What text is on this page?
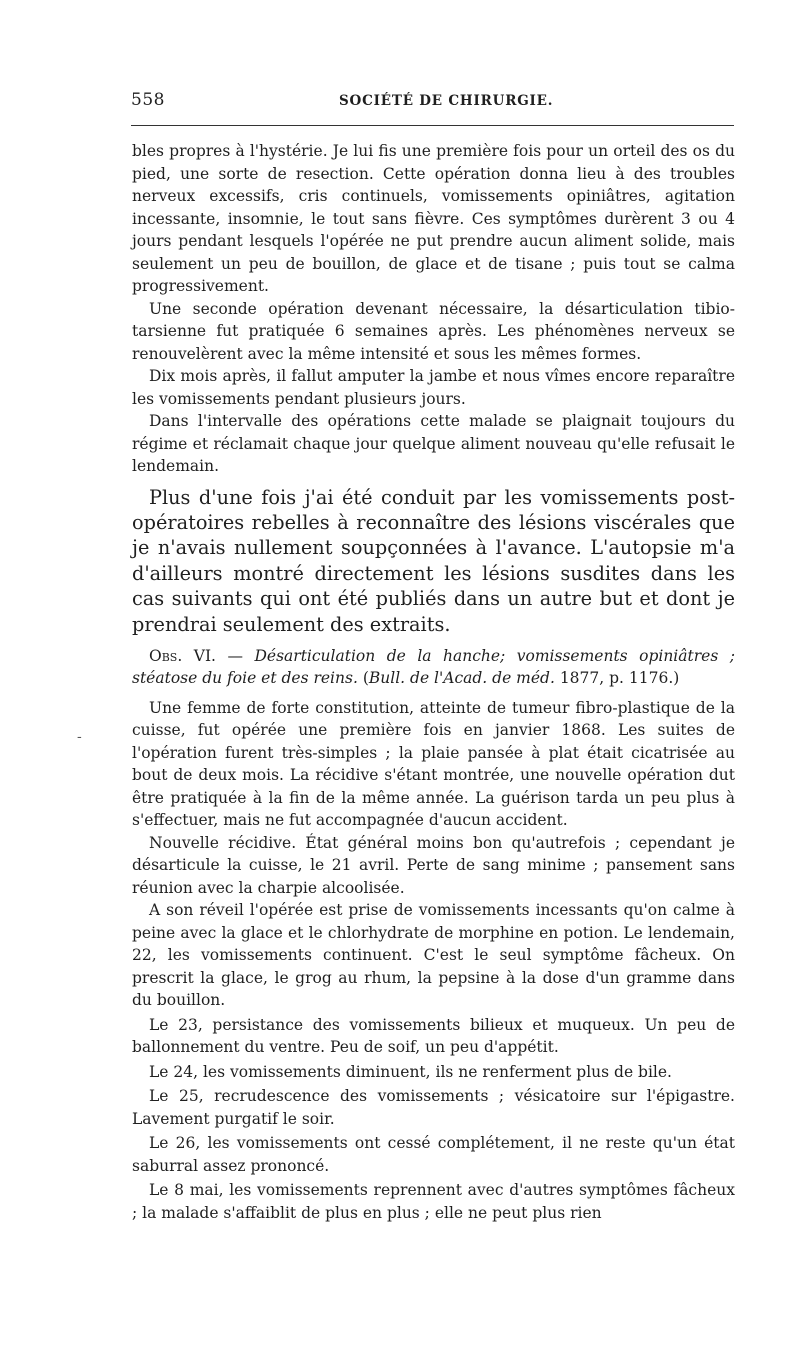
558	SOCIÉTÉ DE CHIRURGIE.
-

bles propres à l'hystérie. Je lui fis une première fois pour un orteil des os du pied, une sorte de resection. Cette opération donna lieu à des troubles nerveux excessifs, cris continuels, vomissements opiniâtres, agitation incessante, insomnie, le tout sans fièvre. Ces symptômes durèrent 3 ou 4 jours pendant lesquels l'opérée ne put prendre aucun aliment solide, mais seulement un peu de bouillon, de glace et de tisane ; puis tout se calma progressivement.

Une seconde opération devenant nécessaire, la désarticulation tibio-tarsienne fut pratiquée 6 semaines après. Les phénomènes nerveux se renouvelèrent avec la même intensité et sous les mêmes formes.

Dix mois après, il fallut amputer la jambe et nous vîmes encore reparaître les vomissements pendant plusieurs jours.

Dans l'intervalle des opérations cette malade se plaignait toujours du régime et réclamait chaque jour quelque aliment nouveau qu'elle refusait le lendemain.

Plus d'une fois j'ai été conduit par les vomissements post-opératoires rebelles à reconnaître des lésions viscérales que je n'avais nullement soupçonnées à l'avance. L'autopsie m'a d'ailleurs montré directement les lésions susdites dans les cas suivants qui ont été publiés dans un autre but et dont je prendrai seulement des extraits.

Obs. VI. — Désarticulation de la hanche; vomissements opiniâtres ; stéatose du foie et des reins. (Bull. de l'Acad. de méd. 1877, p. 1176.)

Une femme de forte constitution, atteinte de tumeur fibro-plastique de la cuisse, fut opérée une première fois en janvier 1868. Les suites de l'opération furent très-simples ; la plaie pansée à plat était cicatrisée au bout de deux mois. La récidive s'étant montrée, une nouvelle opération dut être pratiquée à la fin de la même année. La guérison tarda un peu plus à s'effectuer, mais ne fut accompagnée d'aucun accident.

Nouvelle récidive. État général moins bon qu'autrefois ; cependant je désarticule la cuisse, le 21 avril. Perte de sang minime ; pansement sans réunion avec la charpie alcoolisée.

A son réveil l'opérée est prise de vomissements incessants qu'on calme à peine avec la glace et le chlorhydrate de morphine en potion. Le lendemain, 22, les vomissements continuent. C'est le seul symptôme fâcheux. On prescrit la glace, le grog au rhum, la pepsine à la dose d'un gramme dans du bouillon.

Le 23, persistance des vomissements bilieux et muqueux. Un peu de ballonnement du ventre. Peu de soif, un peu d'appétit.

Le 24, les vomissements diminuent, ils ne renferment plus de bile.

Le 25, recrudescence des vomissements ; vésicatoire sur l'épigastre. Lavement purgatif le soir.

Le 26, les vomissements ont cessé complétement, il ne reste qu'un état saburral assez prononcé.

Le 8 mai, les vomissements reprennent avec d'autres symptômes fâcheux ; la malade s'affaiblit de plus en plus ; elle ne peut plus rien
